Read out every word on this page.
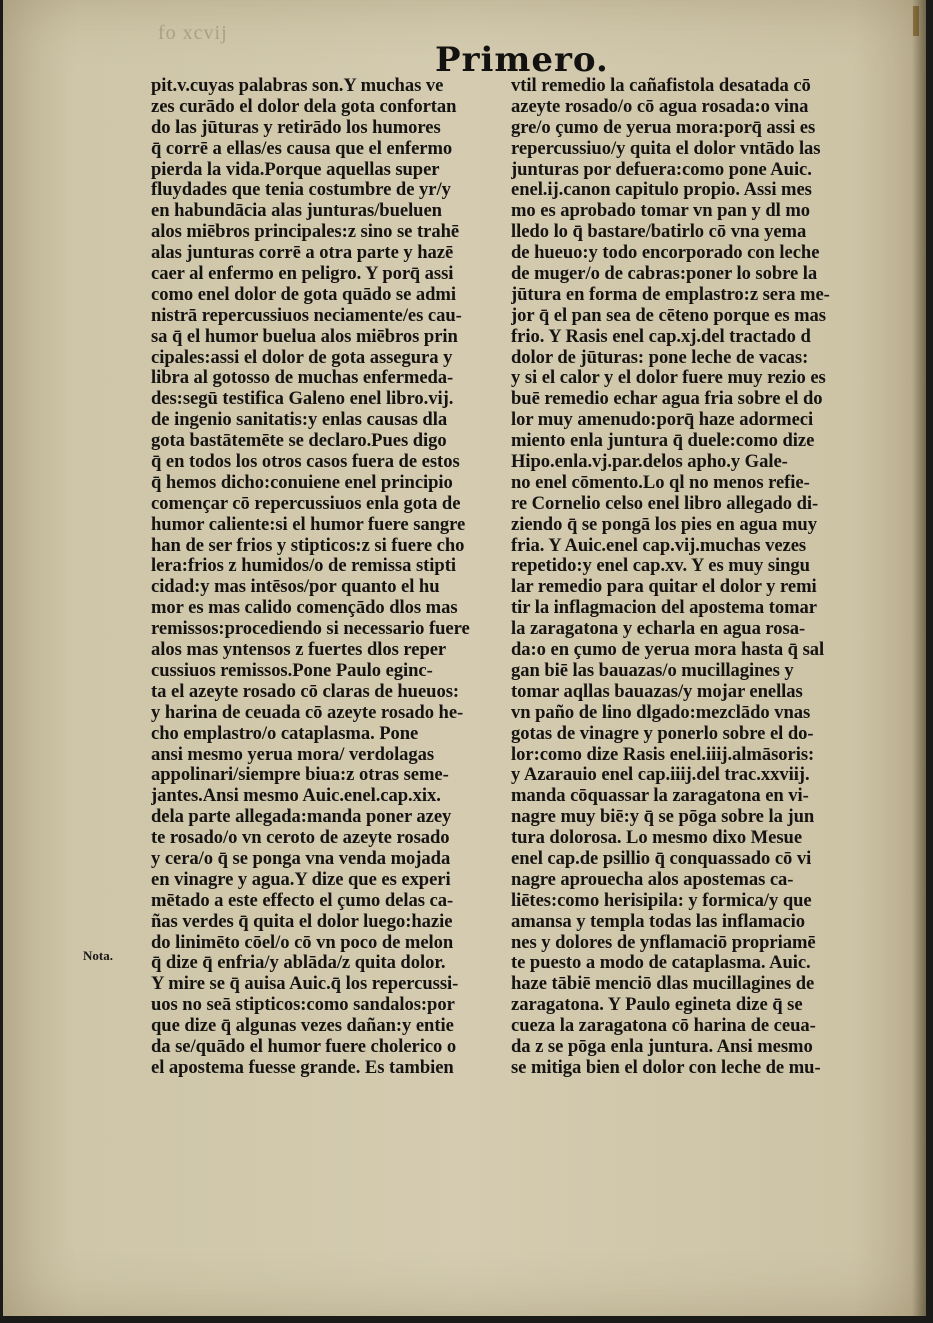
fo xcvij
Primero.
Nota.
pit.v.cuyas palabras son.Y muchas ve
zes curādo el dolor dela gota confortan
do las jūturas y retirādo los humores
q̄ corrē a ellas/es causa que el enfermo
pierda la vida.Porque aquellas super
fluydades que tenia costumbre de yr/y
en habundācia alas junturas/bueluen
alos miēbros principales:z sino se trahē
alas junturas corrē a otra parte y hazē
caer al enfermo en peligro. Y porq̄ assi
como enel dolor de gota quādo se admi
nistrā repercussiuos neciamente/es cau-
sa q̄ el humor buelua alos miēbros prin
cipales:assi el dolor de gota assegura y
libra al gotosso de muchas enfermeda-
des:segū testifica Galeno enel libro.vij.
de ingenio sanitatis:y enlas causas dla
gota bastātemēte se declaro.Pues digo
q̄ en todos los otros casos fuera de estos
q̄ hemos dicho:conuiene enel principio
començar cō repercussiuos enla gota de
humor caliente:si el humor fuere sangre
han de ser frios y stipticos:z si fuere cho
lera:frios z humidos/o de remissa stipti
cidad:y mas intēsos/por quanto el hu
mor es mas calido començādo dlos mas
remissos:procediendo si necessario fuere
alos mas yntensos z fuertes dlos reper
cussiuos remissos.Pone Paulo eginc-
ta el azeyte rosado cō claras de hueuos:
y harina de ceuada cō azeyte rosado he-
cho emplastro/o cataplasma. Pone
ansi mesmo yerua mora/ verdolagas
appolinari/siempre biua:z otras seme-
jantes.Ansi mesmo Auic.enel.cap.xix.
dela parte allegada:manda poner azey
te rosado/o vn ceroto de azeyte rosado
y cera/o q̄ se ponga vna venda mojada
en vinagre y agua.Y dize que es experi
mētado a este effecto el çumo delas ca-
ñas verdes q̄ quita el dolor luego:hazie
do linimēto cōel/o cō vn poco de melon
q̄ dize q̄ enfria/y ablāda/z quita dolor.
Y mire se q̄ auisa Auic.q̄ los repercussi-
uos no seā stipticos:como sandalos:por
que dize q̄ algunas vezes dañan:y entie
da se/quādo el humor fuere cholerico o
el apostema fuesse grande. Es tambien
vtil remedio la cañafistola desatada cō
azeyte rosado/o cō agua rosada:o vina
gre/o çumo de yerua mora:porq̄ assi es
repercussiuo/y quita el dolor vntādo las
junturas por defuera:como pone Auic.
enel.ij.canon capitulo propio. Assi mes
mo es aprobado tomar vn pan y dl mo
lledo lo q̄ bastare/batirlo cō vna yema
de hueuo:y todo encorporado con leche
de muger/o de cabras:poner lo sobre la
jūtura en forma de emplastro:z sera me-
jor q̄ el pan sea de cēteno porque es mas
frio. Y Rasis enel cap.xj.del tractado d
dolor de jūturas: pone leche de vacas:
y si el calor y el dolor fuere muy rezio es
buē remedio echar agua fria sobre el do
lor muy amenudo:porq̄ haze adormeci
miento enla juntura q̄ duele:como dize
Hipo.enla.vj.par.delos apho.y Gale-
no enel cōmento.Lo ql no menos refie-
re Cornelio celso enel libro allegado di-
ziendo q̄ se pongā los pies en agua muy
fria. Y Auic.enel cap.vij.muchas vezes
repetido:y enel cap.xv. Y es muy singu
lar remedio para quitar el dolor y remi
tir la inflagmacion del apostema tomar
la zaragatona y echarla en agua rosa-
da:o en çumo de yerua mora hasta q̄ sal
gan biē las bauazas/o mucillagines y
tomar aqllas bauazas/y mojar enellas
vn paño de lino dlgado:mezclādo vnas
gotas de vinagre y ponerlo sobre el do-
lor:como dize Rasis enel.iiij.almāsoris:
y Azarauio enel cap.iiij.del trac.xxviij.
manda cōquassar la zaragatona en vi-
nagre muy biē:y q̄ se pōga sobre la jun
tura dolorosa. Lo mesmo dixo Mesue
enel cap.de psillio q̄ conquassado cō vi
nagre aprouecha alos apostemas ca-
liētes:como herisipila: y formica/y que
amansa y templa todas las inflamacio
nes y dolores de ynflamaciō propriamē
te puesto a modo de cataplasma. Auic.
haze tābiē menciō dlas mucillagines de
zaragatona. Y Paulo egineta dize q̄ se
cueza la zaragatona cō harina de ceua-
da z se pōga enla juntura. Ansi mesmo
se mitiga bien el dolor con leche de mu-
